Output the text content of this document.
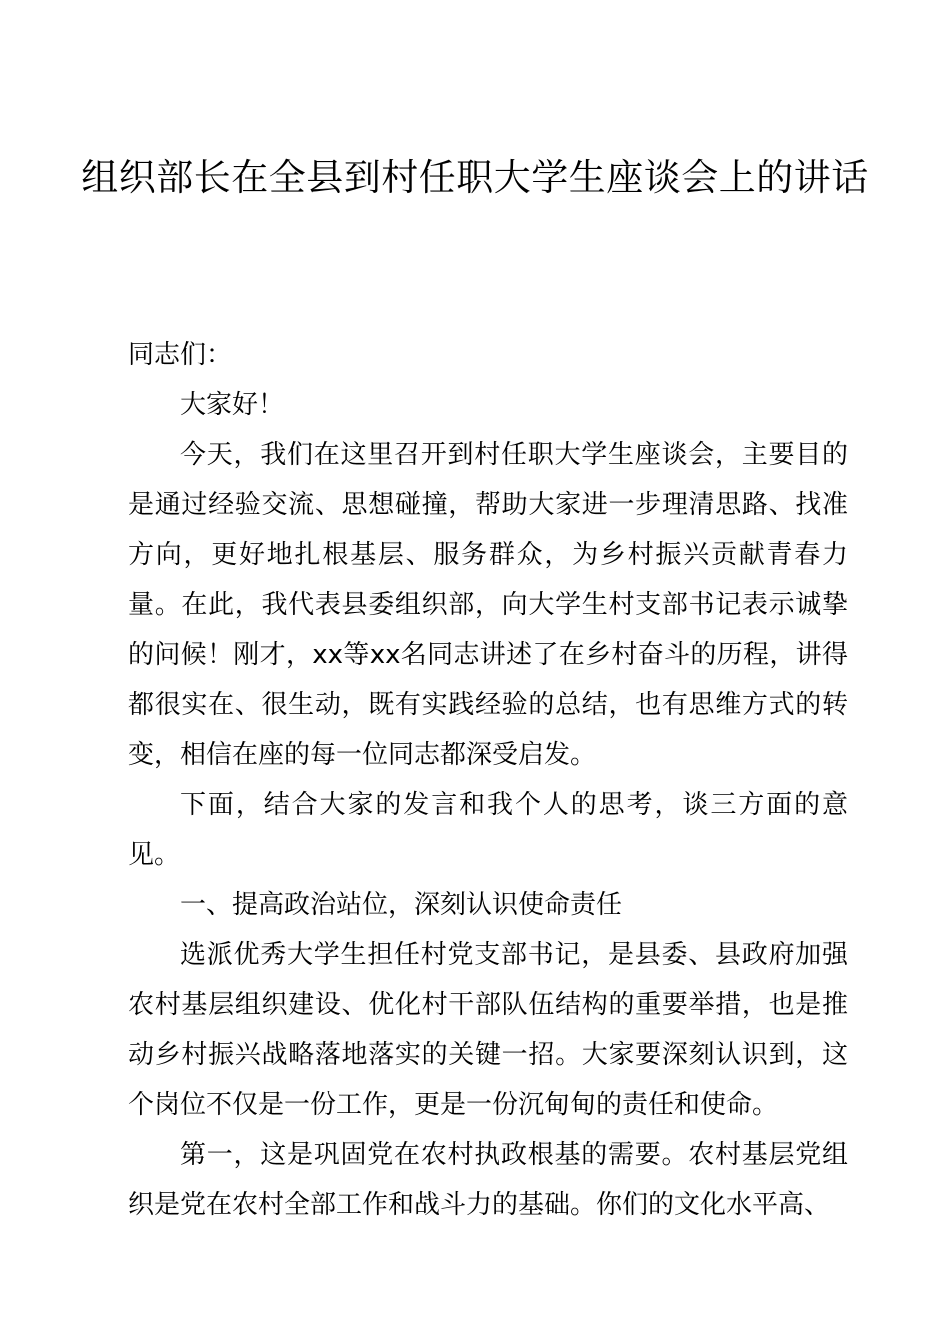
组织部长在全县到村任职大学生座谈会上的讲话

同志们：

大家好！

今天，我们在这里召开到村任职大学生座谈会，主要目的是通过经验交流、思想碰撞，帮助大家进一步理清思路、找准方向，更好地扎根基层、服务群众，为乡村振兴贡献青春力量。在此，我代表县委组织部，向大学生村支部书记表示诚挚的问候！刚才，xx等xx名同志讲述了在乡村奋斗的历程，讲得都很实在、很生动，既有实践经验的总结，也有思维方式的转变，相信在座的每一位同志都深受启发。

下面，结合大家的发言和我个人的思考，谈三方面的意见。

一、提高政治站位，深刻认识使命责任

选派优秀大学生担任村党支部书记，是县委、县政府加强农村基层组织建设、优化村干部队伍结构的重要举措，也是推动乡村振兴战略落地落实的关键一招。大家要深刻认识到，这个岗位不仅是一份工作，更是一份沉甸甸的责任和使命。

第一，这是巩固党在农村执政根基的需要。农村基层党组织是党在农村全部工作和战斗力的基础。你们的文化水平高、
